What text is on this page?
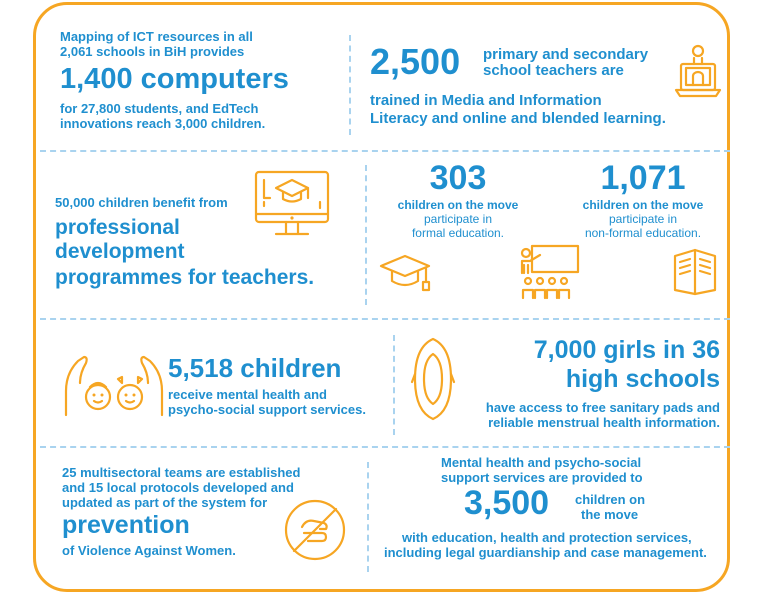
Mapping of ICT resources in all
2,061 schools in BiH provides
1,400 computers
for 27,800 students, and EdTech
innovations reach 3,000 children.
2,500 primary and secondary
school teachers are
trained in Media and Information
Literacy and online and blended learning.
50,000 children benefit from
professional
development
programmes for teachers.
303
children on the move
participate in
formal education.
1,071
children on the move
participate in
non-formal education.
5,518 children
receive mental health and
psycho-social support services.
7,000 girls in 36
high schools
have access to free sanitary pads and
reliable menstrual health information.
25 multisectoral teams are established
and 15 local protocols developed and
updated as part of the system for
prevention
of Violence Against Women.
Mental health and psycho-social
support services are provided to
3,500 children on
the move
with education, health and protection services,
including legal guardianship and case management.
